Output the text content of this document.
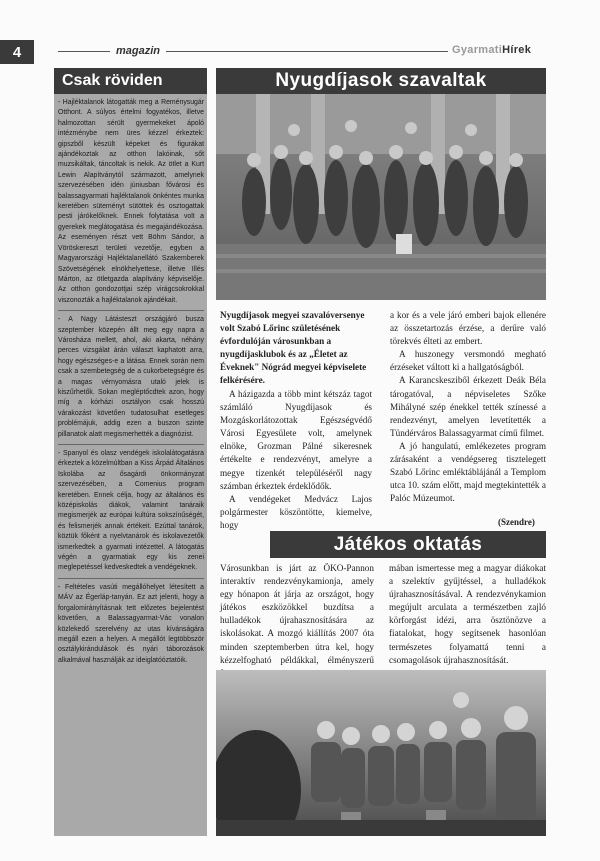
4	magazin	GyarmatiHírek
Csak röviden

- Hajléktalanok látogatták meg a Reménysugár Otthont. A súlyos értelmi fogyatékos, illetve halmozottan sérült gyermekeket ápoló intézménybe nem üres kézzel érkeztek: gipszből készült képeket és figurákat ajándékoztak az otthon lakóinak, sőt muzsikáltak, táncoltak is nekik. Az ötlet a Kurt Lewin Alapítványtól származott, amelynek szervezésében idén júniusban fővárosi és balassagyarmati hajléktalanok önkéntes munka keretében süteményt sütöttek és osztogattak pesti járókelőknek. Ennek folytatása volt a gyerekek meglátogatása és megajándékozása. Az eseményen részt vett Böhm Sándor, a Vöröskereszt területi vezetője, egyben a Magyarországi Hajléktalanellátó Szakemberek Szövetségének elnökhelyettese, illetve Illés Márton, az ötletgazda alapítvány képviselője. Az otthon gondozottjai szép virágcsokrokkal viszonozták a hajléktalanok ajándékait.

- A Nagy Látásteszt országjáró busza szeptember közepén állt meg egy napra a Városháza mellett, ahol, aki akarta, néhány perces vizsgálat árán választ kaphatott arra, hogy egészséges-e a látása. Ennek során nem csak a szembetegség de a cukorbetegségre és a magas vérnyomásra utaló jelek is kiszűrhetők. Sokan megléptőcdtek azon, hogy míg a kórházi osztályon csak hosszú várakozást követően tudatosulhat esetleges problémájuk, addig ezen a buszon szinte pillanatok alatt megismerhették a diagnózist.

- Spanyol és olasz vendégek iskolalátogatásra érkeztek a közelmúltban a Kiss Árpád Általános Iskolába az ősagárdi önkormányzat szervezésében, a Comenius program keretében. Ennek célja, hogy az általános és középiskolás diákok, valamint tanáraik megismerjék az európai kultúra sokszínűségét, és felismerjék annak értékeit. Ezúttal tanárok, köztük főként a nyelvtanárok és iskolavezetők ismerkedtek a gyarmati intézettel. A látogatás végén a gyarmatiak egy kis zenei meglepetéssel kedveskedtek a vendégeknek.

- Feltételes vasúti megállóhelyet létesített a MÁV az Égerláp-tanyán. Ez azt jelenti, hogy a forgalomirányításnak tett előzetes bejelentést követően, a Balassagyarmat-Vác vonalon közlekedő szerelvény az utas kívánságára megáll ezen a helyen. A megállót legtöbbször osztálykirándulások és nyári táborozások alkalmával használják az ideiglatóóztatóik.

Nyugdíjasok szavaltak
Nyugdíjasok megyei szavalóversenye volt Szabó Lőrinc születésének évfordulóján városunkban a nyugdíjasklubok és az „Életet az Éveknek" Nógrád megyei képviselete felkérésére.

A házigazda a több mint kétszáz tagot számláló Nyugdíjasok és Mozgáskorlátozottak Egészségvédő Városi Egyesülete volt, amelynek elnöke, Grozman Pálné sikeresnek értékelte e rendezvényt, amelyre a megye tizenkét településéről nagy számban érkeztek érdeklődők.

A vendégeket Medvácz Lajos polgármester köszöntötte, kiemelve, hogy

a kor és a vele járó emberi bajok ellenére az összetartozás érzése, a derűre való törekvés élteti az embert.

A huszonegy versmondó megható érzéseket váltott ki a hallgatóságból.

A Karancskesziből érkezett Deák Béla tárogatóval, a népviseletes Szőke Mihályné szép énekkel tették színessé a rendezvényt, amelyen levetítették a Tündérváros Balassagyarmat című filmet.

A jó hangulatú, emlékezetes program zárásaként a vendégsereg tisztelegett Szabó Lőrinc emléktáblájánál a Templom utca 10. szám előtt, majd megtekintették a Palóc Múzeumot.

(Szendre)
Játékos oktatás
Városunkban is járt az ÖKO-Pannon interaktív rendezvénykamionja, amely egy hónapon át járja az országot, hogy játékos eszközökkel buzdítsa a hulladékok újrahasznosítására az iskolásokat. A mozgó kiállítás 2007 óta minden szeptemberben útra kel, hogy kézzelfogható példákkal, élményszerű
mában ismertesse meg a magyar diákokat a szelektív gyűjtéssel, a hulladékok újrahasznosításával. A rendezvénykamion megújult arculata a természetben zajló körforgást idézi, arra ösztönözve a fiatalokat, hogy segítsenek hasonlóan természetes folyamattá tenni a csomagolások újrahasznosítását.
